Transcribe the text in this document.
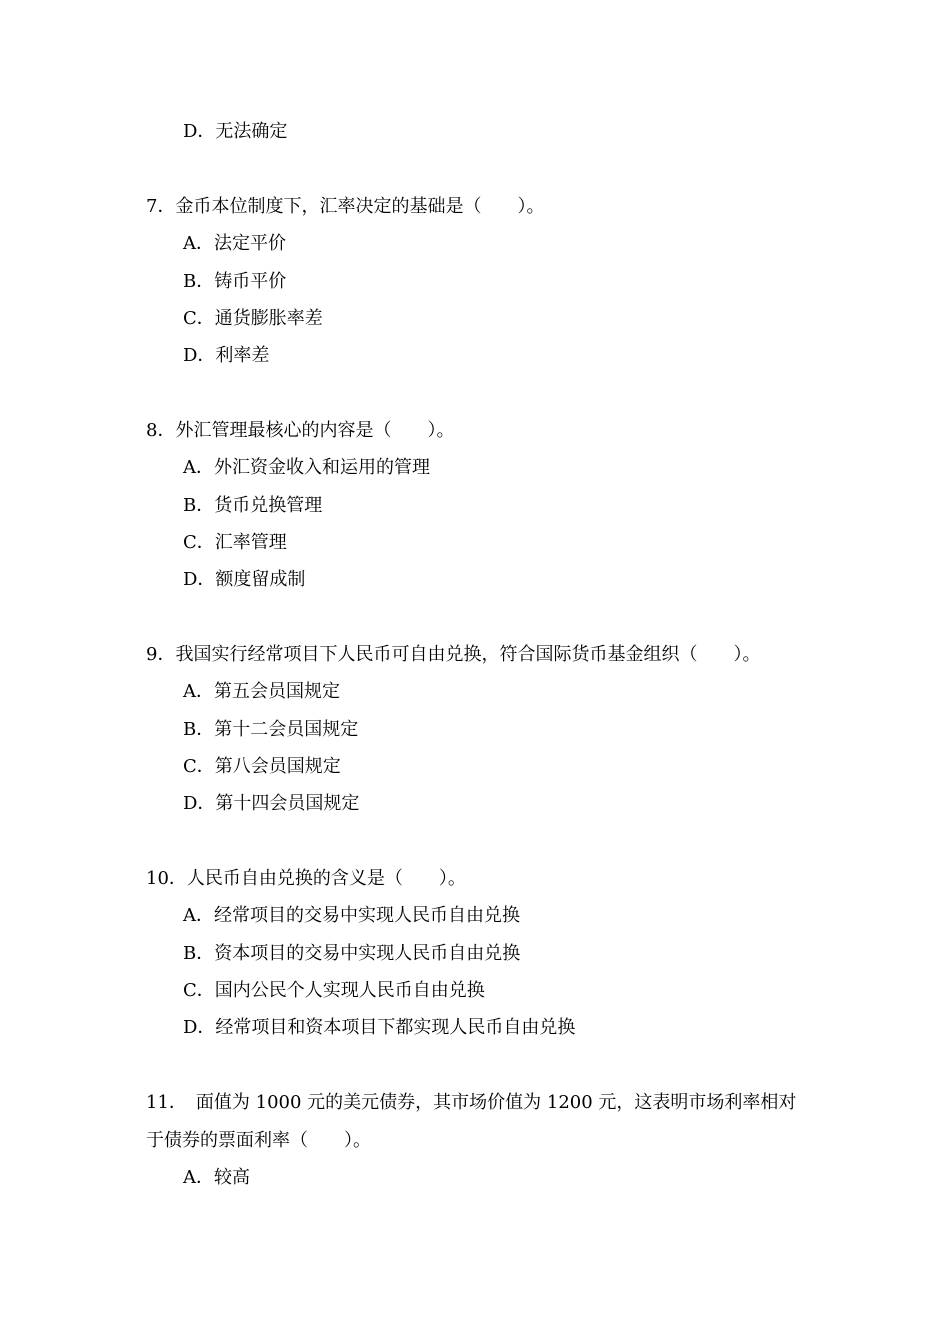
D．无法确定
7．金币本位制度下，汇率决定的基础是（　　）。
A．法定平价
B．铸币平价
C．通货膨胀率差
D．利率差
8．外汇管理最核心的内容是（　　）。
A．外汇资金收入和运用的管理
B．货币兑换管理
C．汇率管理
D．额度留成制
9．我国实行经常项目下人民币可自由兑换，符合国际货币基金组织（　　）。
A．第五会员国规定
B．第十二会员国规定
C．第八会员国规定
D．第十四会员国规定
10．人民币自由兑换的含义是（　　）。
A．经常项目的交易中实现人民币自由兑换
B．资本项目的交易中实现人民币自由兑换
C．国内公民个人实现人民币自由兑换
D．经常项目和资本项目下都实现人民币自由兑换
11．　面值为 1000 元的美元债券，其市场价值为 1200 元，这表明市场利率相对
于债券的票面利率（　　）。
A．较高
